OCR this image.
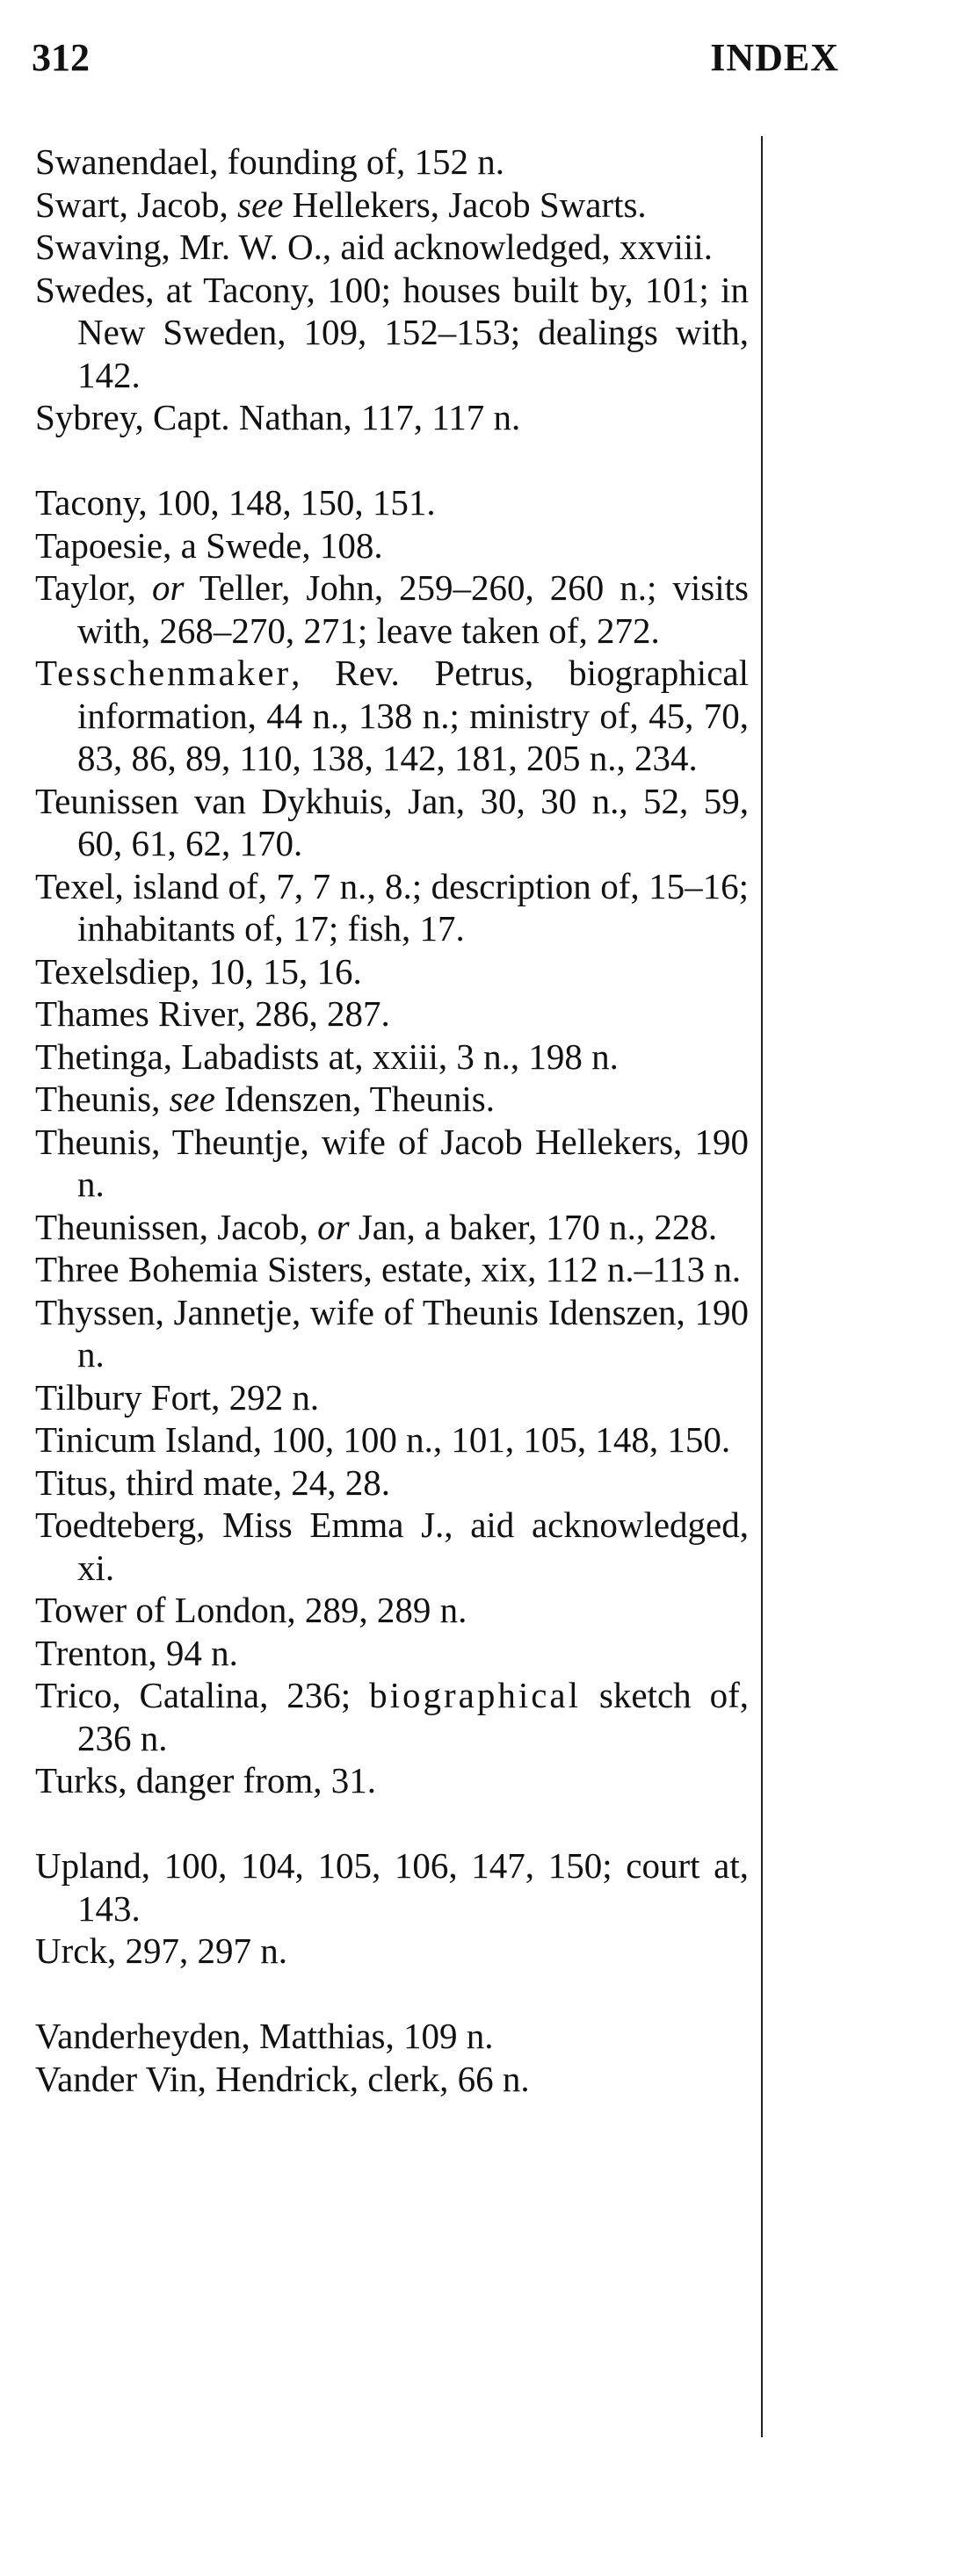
312	INDEX

Swanendael, founding of, 152 n.

Swart, Jacob, see Hellekers, Jacob Swarts.

Swaving, Mr. W. O., aid acknowledged, xxviii.

Swedes, at Tacony, 100; houses built by, 101; in New Sweden, 109, 152–153; dealings with, 142.

Sybrey, Capt. Nathan, 117, 117 n.

Tacony, 100, 148, 150, 151.

Tapoesie, a Swede, 108.

Taylor, or Teller, John, 259–260, 260 n.; visits with, 268–270, 271; leave taken of, 272.

Tesschenmaker, Rev. Petrus, biographical information, 44 n., 138 n.; ministry of, 45, 70, 83, 86, 89, 110, 138, 142, 181, 205 n., 234.

Teunissen van Dykhuis, Jan, 30, 30 n., 52, 59, 60, 61, 62, 170.

Texel, island of, 7, 7 n., 8.; description of, 15–16; inhabitants of, 17; fish, 17.

Texelsdiep, 10, 15, 16.

Thames River, 286, 287.

Thetinga, Labadists at, xxiii, 3 n., 198 n.

Theunis, see Idenszen, Theunis.

Theunis, Theuntje, wife of Jacob Hellekers, 190 n.

Theunissen, Jacob, or Jan, a baker, 170 n., 228.

Three Bohemia Sisters, estate, xix, 112 n.–113 n.

Thyssen, Jannetje, wife of Theunis Idenszen, 190 n.

Tilbury Fort, 292 n.

Tinicum Island, 100, 100 n., 101, 105, 148, 150.

Titus, third mate, 24, 28.

Toedteberg, Miss Emma J., aid acknowledged, xi.

Tower of London, 289, 289 n.

Trenton, 94 n.

Trico, Catalina, 236; biographical sketch of, 236 n.

Turks, danger from, 31.

Upland, 100, 104, 105, 106, 147, 150; court at, 143.

Urck, 297, 297 n.

Vanderheyden, Matthias, 109 n.

Vander Vin, Hendrick, clerk, 66 n.
